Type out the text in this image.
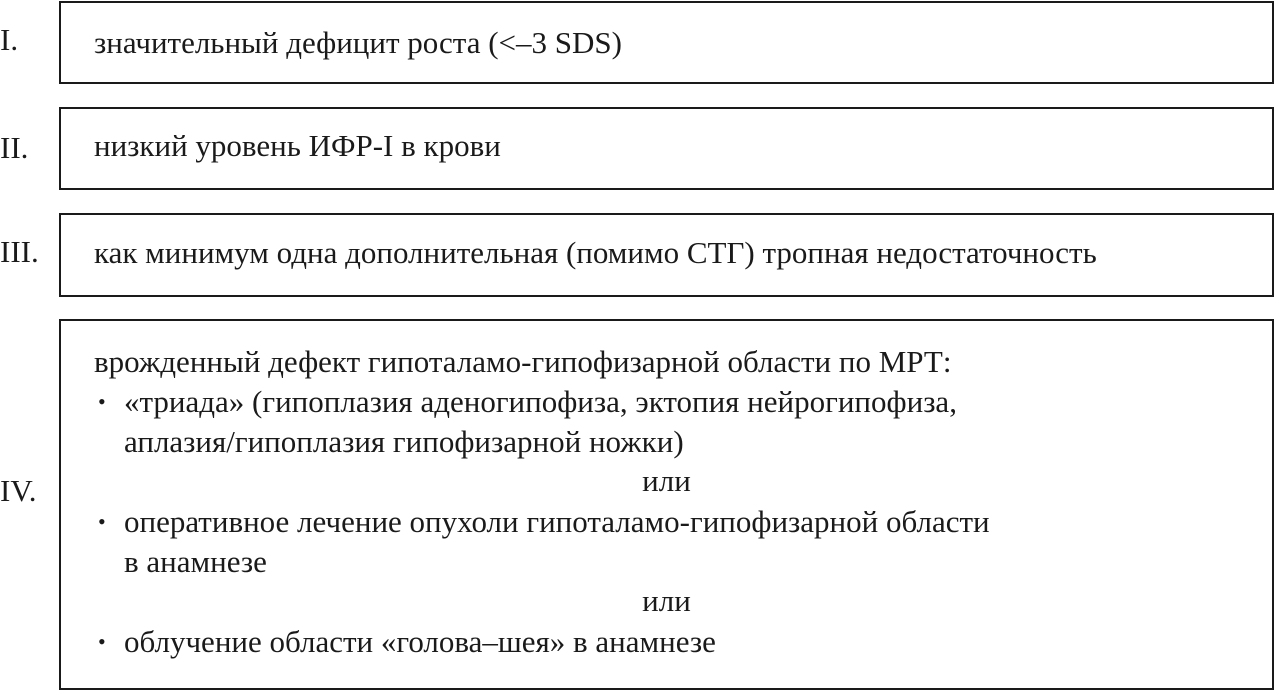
I.
II.
III.
IV.
значительный дефицит роста (<–3 SDS)
низкий уровень ИФР-I в крови
как минимум одна дополнительная (помимо СТГ) тропная недостаточность
врожденный дефект гипоталамо-гипофизарной области по МРТ:
• «триада» (гипоплазия аденогипофиза, эктопия нейрогипофиза,
аплазия/гипоплазия гипофизарной ножки)
или
• оперативное лечение опухоли гипоталамо-гипофизарной области
в анамнезе
или
• облучение области «голова–шея» в анамнезе
